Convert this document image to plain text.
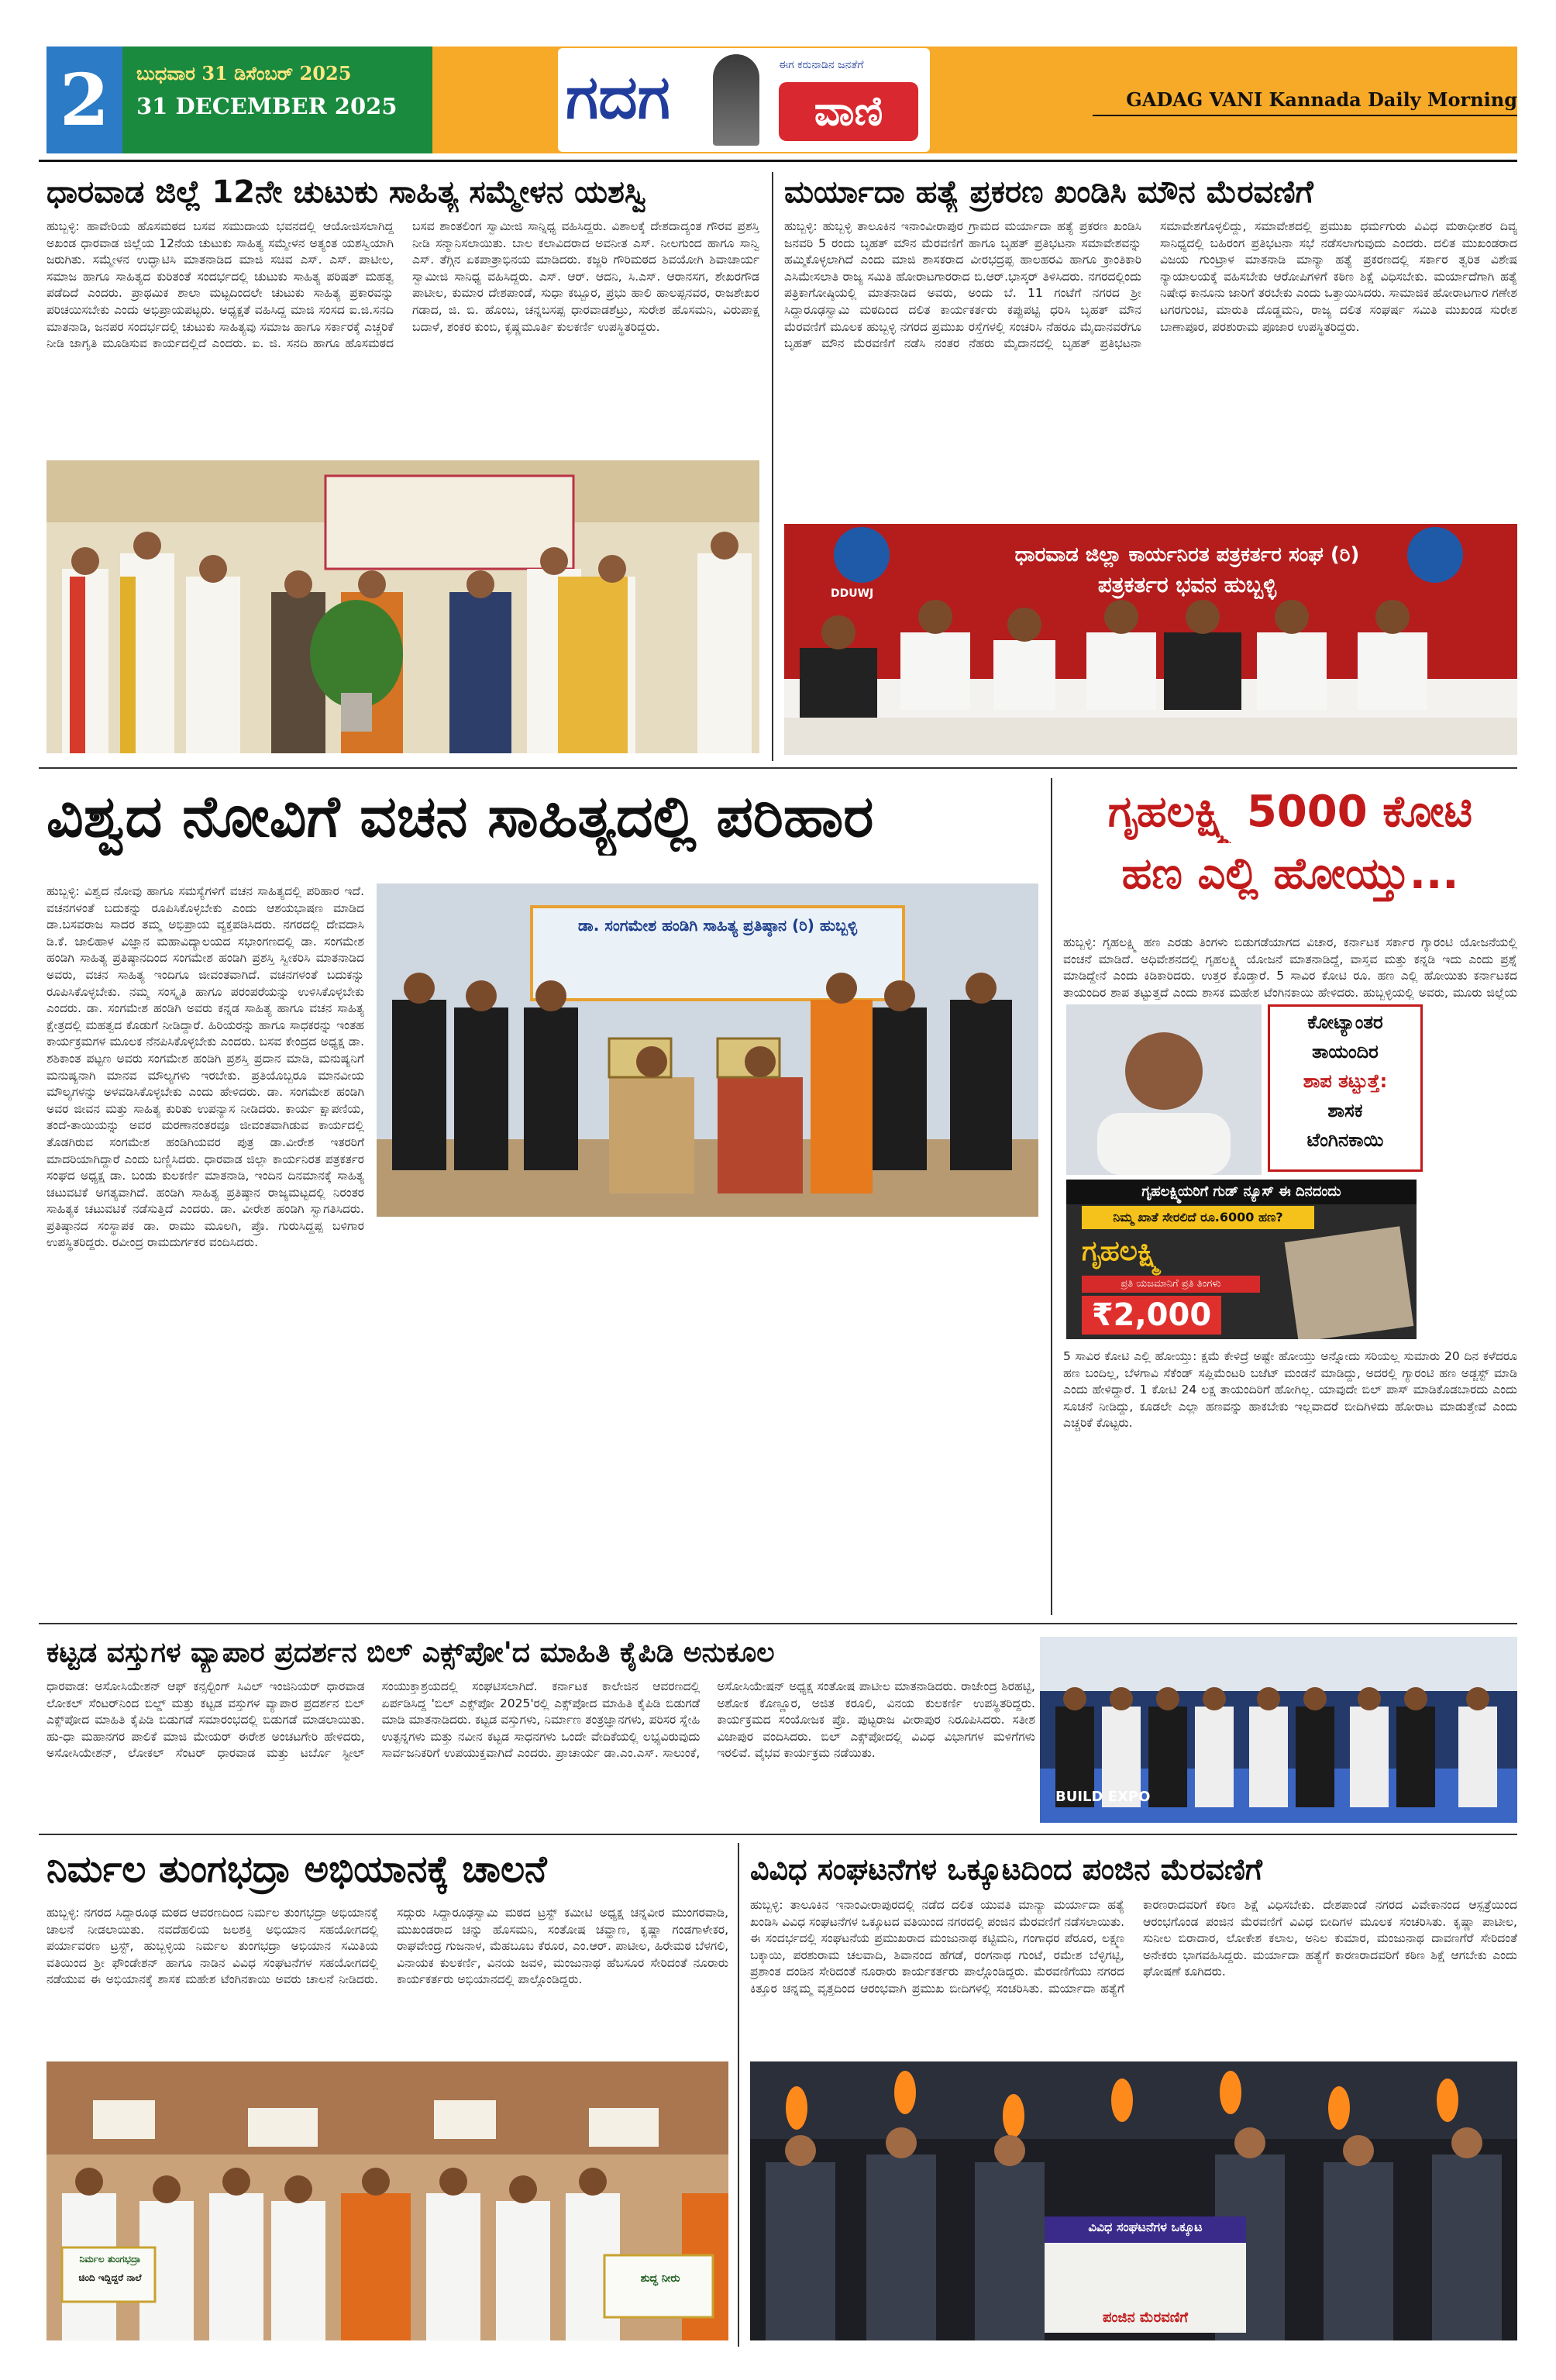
2	ಬುಧವಾರ 31 ಡಿಸೆಂಬರ್ 2025
31 DECEMBER 2025	ಗದಗ	ಈಗ ಕರುನಾಡಿನ ಜನತೆಗೆ
ವಾಣಿ	GADAG VANI Kannada Daily Morning
ಧಾರವಾಡ ಜಿಲ್ಲೆ 12ನೇ ಚುಟುಕು ಸಾಹಿತ್ಯ ಸಮ್ಮೇಳನ ಯಶಸ್ವಿ
ಹುಬ್ಬಳ್ಳಿ: ಹಾವೇರಿಯ ಹೊಸಮಠದ ಬಸವ ಸಮುದಾಯ ಭವನದಲ್ಲಿ ಆಯೋಜಿಸಲಾಗಿದ್ದ ಅಖಂಡ ಧಾರವಾಡ ಜಿಲ್ಲೆಯ 12ನೆಯ ಚುಟುಕು ಸಾಹಿತ್ಯ ಸಮ್ಮೇಳನ ಅತ್ಯಂತ ಯಶಸ್ವಿಯಾಗಿ ಜರುಗಿತು. ಸಮ್ಮೇಳನ ಉದ್ಘಾಟಿಸಿ ಮಾತನಾಡಿದ ಮಾಜಿ ಸಚಿವ ಎಸ್. ಎಸ್. ಪಾಟೀಲ, ಸಮಾಜ ಹಾಗೂ ಸಾಹಿತ್ಯದ ಕುರಿತಂತೆ ಸಂದರ್ಭದಲ್ಲಿ ಚುಟುಕು ಸಾಹಿತ್ಯ ಪರಿಷತ್ ಮಹತ್ವ ಪಡೆದಿದೆ ಎಂದರು. ಪ್ರಾಥಮಿಕ ಶಾಲಾ ಮಟ್ಟದಿಂದಲೇ ಚುಟುಕು ಸಾಹಿತ್ಯ ಪ್ರಕಾರವನ್ನು ಪರಿಚಯಿಸಬೇಕು ಎಂದು ಅಭಿಪ್ರಾಯಪಟ್ಟರು. ಅಧ್ಯಕ್ಷತೆ ವಹಿಸಿದ್ದ ಮಾಜಿ ಸಂಸದ ಐ.ಜಿ.ಸನದಿ ಮಾತನಾಡಿ, ಜನಪರ ಸಂದರ್ಭದಲ್ಲಿ ಚುಟುಕು ಸಾಹಿತ್ಯವು ಸಮಾಜ ಹಾಗೂ ಸರ್ಕಾರಕ್ಕೆ ಎಚ್ಚರಿಕೆ ನೀಡಿ ಜಾಗೃತಿ ಮೂಡಿಸುವ ಕಾರ್ಯದಲ್ಲಿದೆ ಎಂದರು. ಐ. ಜಿ. ಸನದಿ ಹಾಗೂ ಹೊಸಮಠದ ಬಸವ ಶಾಂತಲಿಂಗ ಸ್ವಾಮೀಜಿ ಸಾನ್ನಿಧ್ಯ ವಹಿಸಿದ್ದರು. ವಿಶಾಲಕ್ಕೆ ದೇಶದಾದ್ಯಂತ ಗೌರವ ಪ್ರಶಸ್ತಿ ನೀಡಿ ಸನ್ಮಾನಿಸಲಾಯಿತು. ಬಾಲ ಕಲಾವಿದರಾದ ಅವನೀತ ಎಸ್. ನೀಲಗುಂದ ಹಾಗೂ ಸಾನ್ವಿ ಎಸ್. ತೆಗ್ಗಿನ ಏಕಪಾತ್ರಾಭಿನಯ ಮಾಡಿದರು. ಕಜ್ಜರಿ ಗೌರಿಮಠದ ಶಿವಯೋಗಿ ಶಿವಾಚಾರ್ಯ ಸ್ವಾಮೀಜಿ ಸಾನಿಧ್ಯ ವಹಿಸಿದ್ದರು. ಎಸ್. ಆರ್. ಆದನಿ, ಸಿ.ಎಸ್. ಆರಾನಸಗ, ಶೇಖರಗೌಡ ಪಾಟೀಲ, ಕುಮಾರ ದೇಶಪಾಂಡೆ, ಸುಧಾ ಕಬ್ಬೂರ, ಪ್ರಭು ಹಾಲಿ ಹಾಲಪ್ಪನವರ, ರಾಜಶೇಖರ ಗಡಾದ, ಜಿ. ಬಿ. ಹೊಂಬ, ಚನ್ನಬಸಪ್ಪ ಧಾರವಾಡಶೆಟ್ರು, ಸುರೇಶ ಹೊಸಮನಿ, ವಿರುಪಾಕ್ಷ ಬದಾಳೆ, ಶಂಕರ ಕುಂಬಿ, ಕೃಷ್ಣಮೂರ್ತಿ ಕುಲಕರ್ಣಿ ಉಪಸ್ಥಿತರಿದ್ದರು.
ಮರ್ಯಾದಾ ಹತ್ಯೆ ಪ್ರಕರಣ ಖಂಡಿಸಿ ಮೌನ ಮೆರವಣಿಗೆ
ಹುಬ್ಬಳ್ಳಿ: ಹುಬ್ಬಳ್ಳಿ ತಾಲೂಕಿನ ಇನಾಂವೀರಾಪುರ ಗ್ರಾಮದ ಮರ್ಯಾದಾ ಹತ್ಯೆ ಪ್ರಕರಣ ಖಂಡಿಸಿ ಜನವರಿ 5 ರಂದು ಬೃಹತ್ ಮೌನ ಮೆರವಣಿಗೆ ಹಾಗೂ ಬೃಹತ್ ಪ್ರತಿಭಟನಾ ಸಮಾವೇಶವನ್ನು ಹಮ್ಮಿಕೊಳ್ಳಲಾಗಿದೆ ಎಂದು ಮಾಜಿ ಶಾಸಕರಾದ ವೀರಭದ್ರಪ್ಪ ಹಾಲಹರವಿ ಹಾಗೂ ಕ್ರಾಂತಿಕಾರಿ ಎಸಿಮೇಸಲಾತಿ ರಾಜ್ಯ ಸಮಿತಿ ಹೋರಾಟಗಾರರಾದ ಬಿ.ಆರ್.ಭಾಸ್ಕರ್ ತಿಳಿಸಿದರು. ನಗರದಲ್ಲಿಂದು ಪತ್ರಿಕಾಗೋಷ್ಠಿಯಲ್ಲಿ ಮಾತನಾಡಿದ ಅವರು, ಅಂದು ಬೆ. 11 ಗಂಟೆಗೆ ನಗರದ ಶ್ರೀ ಸಿದ್ದಾರೂಢಸ್ವಾಮಿ ಮಠದಿಂದ ದಲಿತ ಕಾರ್ಯಕರ್ತರು ಕಪ್ಪುಪಟ್ಟಿ ಧರಿಸಿ ಬೃಹತ್ ಮೌನ ಮೆರವಣಿಗೆ ಮೂಲಕ ಹುಬ್ಬಳ್ಳಿ ನಗರದ ಪ್ರಮುಖ ರಸ್ತೆಗಳಲ್ಲಿ ಸಂಚರಿಸಿ ನೆಹರೂ ಮೈದಾನವರೆಗೂ ಬೃಹತ್ ಮೌನ ಮೆರವಣಿಗೆ ನಡೆಸಿ ನಂತರ ನೆಹರು ಮೈದಾನದಲ್ಲಿ ಬೃಹತ್ ಪ್ರತಿಭಟನಾ ಸಮಾವೇಶಗೊಳ್ಳಲಿದ್ದು, ಸಮಾವೇಶದಲ್ಲಿ ಪ್ರಮುಖ ಧರ್ಮಗುರು ವಿವಿಧ ಮಠಾಧೀಶರ ದಿವ್ಯ ಸಾನಿಧ್ಯದಲ್ಲಿ ಬಹಿರಂಗ ಪ್ರತಿಭಟನಾ ಸಭೆ ನಡೆಸಲಾಗುವುದು ಎಂದರು. ದಲಿತ ಮುಖಂಡರಾದ ವಿಜಯ ಗುಂಟ್ರಾಳ ಮಾತನಾಡಿ ಮಾನ್ಯಾ ಹತ್ಯೆ ಪ್ರಕರಣದಲ್ಲಿ ಸರ್ಕಾರ ತ್ವರಿತ ವಿಶೇಷ ನ್ಯಾಯಾಲಯಕ್ಕೆ ವಹಿಸಬೇಕು ಆರೋಪಿಗಳಿಗೆ ಕಠಿಣ ಶಿಕ್ಷೆ ವಿಧಿಸಬೇಕು. ಮರ್ಯಾದೆಗಾಗಿ ಹತ್ಯೆ ನಿಷೇಧ ಕಾನೂನು ಜಾರಿಗೆ ತರಬೇಕು ಎಂದು ಒತ್ತಾಯಿಸಿದರು. ಸಾಮಾಜಿಕ ಹೋರಾಟಗಾರ ಗಣೇಶ ಟಗರಗುಂಟಿ, ಮಾರುತಿ ದೊಡ್ಡಮನಿ, ರಾಜ್ಯ ದಲಿತ ಸಂಘರ್ಷ ಸಮಿತಿ ಮುಖಂಡ ಸುರೇಶ ಬಾಣಾಪೂರ, ಪರಶುರಾಮ ಪೂಜಾರ ಉಪಸ್ಥಿತರಿದ್ದರು.
ಧಾರವಾಡ ಜಿಲ್ಲಾ ಕಾರ್ಯನಿರತ ಪತ್ರಕರ್ತರ ಸಂಘ (ರಿ)
DDUWJ	ಪತ್ರಕರ್ತರ ಭವನ ಹುಬ್ಬಳ್ಳಿ
ವಿಶ್ವದ ನೋವಿಗೆ ವಚನ ಸಾಹಿತ್ಯದಲ್ಲಿ ಪರಿಹಾರ
ಹುಬ್ಬಳ್ಳಿ: ವಿಶ್ವದ ನೋವು ಹಾಗೂ ಸಮಸ್ಯೆಗಳಿಗೆ ವಚನ ಸಾಹಿತ್ಯದಲ್ಲಿ ಪರಿಹಾರ ಇದೆ. ವಚನಗಳಂತೆ ಬದುಕನ್ನು ರೂಪಿಸಿಕೊಳ್ಳಬೇಕು ಎಂದು ಆಶಯಭಾಷಣ ಮಾಡಿದ ಡಾ.ಬಸವರಾಜ ಸಾದರ ತಮ್ಮ ಅಭಿಪ್ರಾಯ ವ್ಯಕ್ತಪಡಿಸಿದರು. ನಗರದಲ್ಲಿ ದೇವದಾಸಿ ಡಿ.ಕೆ. ಜಾಲಿಹಾಳ ವಿಜ್ಞಾನ ಮಹಾವಿದ್ಯಾಲಯದ ಸಭಾಂಗಣದಲ್ಲಿ ಡಾ. ಸಂಗಮೇಶ ಹಂಡಿಗಿ ಸಾಹಿತ್ಯ ಪ್ರತಿಷ್ಠಾನದಿಂದ ಸಂಗಮೇಶ ಹಂಡಿಗಿ ಪ್ರಶಸ್ತಿ ಸ್ವೀಕರಿಸಿ ಮಾತನಾಡಿದ ಅವರು, ವಚನ ಸಾಹಿತ್ಯ ಇಂದಿಗೂ ಜೀವಂತವಾಗಿದೆ. ವಚನಗಳಂತೆ ಬದುಕನ್ನು ರೂಪಿಸಿಕೊಳ್ಳಬೇಕು. ನಮ್ಮ ಸಂಸ್ಕೃತಿ ಹಾಗೂ ಪರಂಪರೆಯನ್ನು ಉಳಿಸಿಕೊಳ್ಳಬೇಕು ಎಂದರು. ಡಾ. ಸಂಗಮೇಶ ಹಂಡಿಗಿ ಅವರು ಕನ್ನಡ ಸಾಹಿತ್ಯ ಹಾಗೂ ವಚನ ಸಾಹಿತ್ಯ ಕ್ಷೇತ್ರದಲ್ಲಿ ಮಹತ್ವದ ಕೊಡುಗೆ ನೀಡಿದ್ದಾರೆ. ಹಿರಿಯರನ್ನು ಹಾಗೂ ಸಾಧಕರನ್ನು ಇಂತಹ ಕಾರ್ಯಕ್ರಮಗಳ ಮೂಲಕ ನೆನಪಿಸಿಕೊಳ್ಳಬೇಕು ಎಂದರು. ಬಸವ ಕೇಂದ್ರದ ಅಧ್ಯಕ್ಷ ಡಾ. ಶಶಿಕಾಂತ ಪಟ್ಟಣ ಅವರು ಸಂಗಮೇಶ ಹಂಡಿಗಿ ಪ್ರಶಸ್ತಿ ಪ್ರದಾನ ಮಾಡಿ, ಮನುಷ್ಯನಿಗೆ ಮನುಷ್ಯನಾಗಿ ಮಾನವ ಮೌಲ್ಯಗಳು ಇರಬೇಕು. ಪ್ರತಿಯೊಬ್ಬರೂ ಮಾನವೀಯ ಮೌಲ್ಯಗಳನ್ನು ಅಳವಡಿಸಿಕೊಳ್ಳಬೇಕು ಎಂದು ಹೇಳಿದರು. ಡಾ. ಸಂಗಮೇಶ ಹಂಡಿಗಿ ಅವರ ಜೀವನ ಮತ್ತು ಸಾಹಿತ್ಯ ಕುರಿತು ಉಪನ್ಯಾಸ ನೀಡಿದರು. ಕಾರ್ಯ ಕ್ಷಾಪಣಿಯ, ತಂದೆ-ತಾಯಿಯನ್ನು ಅವರ ಮರಣಾನಂತರವೂ ಜೀವಂತವಾಗಿಡುವ ಕಾರ್ಯದಲ್ಲಿ ತೊಡಗಿರುವ ಸಂಗಮೇಶ ಹಂಡಿಗಿಯವರ ಪುತ್ರ ಡಾ.ವೀರೇಶ ಇತರರಿಗೆ ಮಾದರಿಯಾಗಿದ್ದಾರೆ ಎಂದು ಬಣ್ಣಿಸಿದರು. ಧಾರವಾಡ ಜಿಲ್ಲಾ ಕಾರ್ಯನಿರತ ಪತ್ರಕರ್ತರ ಸಂಘದ ಅಧ್ಯಕ್ಷ ಡಾ. ಬಂಡು ಕುಲಕರ್ಣಿ ಮಾತನಾಡಿ, ಇಂದಿನ ದಿನಮಾನಕ್ಕೆ ಸಾಹಿತ್ಯ ಚಟುವಟಿಕೆ ಅಗತ್ಯವಾಗಿದೆ. ಹಂಡಿಗಿ ಸಾಹಿತ್ಯ ಪ್ರತಿಷ್ಠಾನ ರಾಜ್ಯಮಟ್ಟದಲ್ಲಿ ನಿರಂತರ ಸಾಹಿತ್ಯಕ ಚಟುವಟಿಕೆ ನಡೆಸುತ್ತಿದೆ ಎಂದರು. ಡಾ. ವೀರೇಶ ಹಂಡಿಗಿ ಸ್ವಾಗತಿಸಿದರು. ಪ್ರತಿಷ್ಠಾನದ ಸಂಸ್ಥಾಪಕ ಡಾ. ರಾಮು ಮೂಲಗಿ, ಪ್ರೊ. ಗುರುಸಿದ್ದಪ್ಪ ಬಳಿಗಾರ ಉಪಸ್ಥಿತರಿದ್ದರು. ರವೀಂದ್ರ ರಾಮದುರ್ಗಕರ ವಂದಿಸಿದರು.
ಡಾ. ಸಂಗಮೇಶ ಹಂಡಿಗಿ ಸಾಹಿತ್ಯ ಪ್ರತಿಷ್ಠಾನ (ರಿ) ಹುಬ್ಬಳ್ಳಿ
ಗೃಹಲಕ್ಷ್ಮಿ 5000 ಕೋಟಿ
ಹಣ ಎಲ್ಲಿ ಹೋಯ್ತು...
ಹುಬ್ಬಳ್ಳಿ: ಗೃಹಲಕ್ಷ್ಮಿ ಹಣ ಎರಡು ತಿಂಗಳು ಬಿಡುಗಡೆಯಾಗದ ವಿಚಾರ, ಕರ್ನಾಟಕ ಸರ್ಕಾರ ಗ್ಯಾರಂಟಿ ಯೋಜನೆಯಲ್ಲಿ ವಂಚನೆ ಮಾಡಿದೆ. ಅಧಿವೇಶನದಲ್ಲಿ ಗೃಹಲಕ್ಷ್ಮಿ ಯೋಜನೆ ಮಾತನಾಡಿದ್ದೆ, ವಾಸ್ತವ ಮತ್ತು ಕನ್ನಡಿ ಇದು ಎಂದು ಪ್ರಶ್ನೆ ಮಾಡಿದ್ದೇನೆ ಎಂದು ಕಿಡಿಕಾರಿದರು. ಉತ್ತರ ಕೊಡ್ತಾರೆ. 5 ಸಾವಿರ ಕೋಟಿ ರೂ. ಹಣ ಎಲ್ಲಿ ಹೋಯಿತು ಕರ್ನಾಟಕದ ತಾಯಂದಿರ ಶಾಪ ತಟ್ಟುತ್ತದೆ ಎಂದು ಶಾಸಕ ಮಹೇಶ ಟೆಂಗಿನಕಾಯಿ ಹೇಳಿದರು. ಹುಬ್ಬಳ್ಳಿಯಲ್ಲಿ ಅವರು, ಮೂರು ಜಿಲ್ಲೆಯ
ಕೋಟ್ಯಾಂತರ
ತಾಯಂದಿರ
ಶಾಪ ತಟ್ಟುತ್ತೆ:
ಶಾಸಕ
ಟೆಂಗಿನಕಾಯಿ
ಗೃಹಲಕ್ಷ್ಮಿಯರಿಗೆ ಗುಡ್ ನ್ಯೂಸ್ ಈ ದಿನದಂದು
ನಿಮ್ಮ ಖಾತೆ ಸೇರಲಿದೆ ರೂ.6000 ಹಣ?
ಗೃಹಲಕ್ಷ್ಮಿ
ಪ್ರತಿ ಯಜಮಾನಿಗೆ ಪ್ರತಿ ತಿಂಗಳು
₹2,000
5 ಸಾವಿರ ಕೋಟಿ ಎಲ್ಲಿ ಹೋಯ್ತು: ಕ್ಷಮೆ ಕೇಳಿದ್ರೆ ಅಷ್ಟೇ ಹೋಯ್ತು ಅನ್ನೋದು ಸರಿಯಲ್ಲ ಸುಮಾರು 20 ದಿನ ಕಳೆದರೂ ಹಣ ಬಂದಿಲ್ಲ, ಬೆಳಗಾವಿ ಸೆಕೆಂಡ್ ಸಪ್ಲಿಮೆಂಟರಿ ಬಜೆಟ್ ಮಂಡನೆ ಮಾಡಿದ್ದು, ಅದರಲ್ಲಿ ಗ್ಯಾರಂಟಿ ಹಣ ಅಡ್ಜಸ್ಟ್ ಮಾಡಿ ಎಂದು ಹೇಳಿದ್ದಾರೆ. 1 ಕೋಟಿ 24 ಲಕ್ಷ ತಾಯಂದಿರಿಗೆ ಹೋಗಿಲ್ಲ. ಯಾವುದೇ ಬಿಲ್ ಪಾಸ್ ಮಾಡಿಕೊಡಬಾರದು ಎಂದು ಸೂಚನೆ ನೀಡಿದ್ದು, ಕೂಡಲೇ ಎಲ್ಲಾ ಹಣವನ್ನು ಹಾಕಬೇಕು ಇಲ್ಲವಾದರೆ ಬೀದಿಗಿಳಿದು ಹೋರಾಟ ಮಾಡುತ್ತೇವೆ ಎಂದು ಎಚ್ಚರಿಕೆ ಕೊಟ್ಟರು.
ಕಟ್ಟಡ ವಸ್ತುಗಳ ವ್ಯಾಪಾರ ಪ್ರದರ್ಶನ ಬಿಲ್ ಎಕ್ಸ್‌ಪೋ'ದ ಮಾಹಿತಿ ಕೈಪಿಡಿ ಅನುಕೂಲ
ಧಾರವಾಡ: ಅಸೋಸಿಯೇಶನ್ ಆಫ್ ಕನ್ಸಲ್ಟಿಂಗ್ ಸಿವಿಲ್ ಇಂಜಿನಿಯರ್ ಧಾರವಾಡ ಲೋಕಲ್ ಸೆಂಟರ್‌ನಿಂದ ಬಿಲ್ಡ್ ಮತ್ತು ಕಟ್ಟಡ ವಸ್ತುಗಳ ವ್ಯಾಪಾರ ಪ್ರದರ್ಶನ ಬಿಲ್ ಎಕ್ಸ್‌ಪೋದ ಮಾಹಿತಿ ಕೈಪಿಡಿ ಬಿಡುಗಡೆ ಸಮಾರಂಭದಲ್ಲಿ ಬಿಡುಗಡೆ ಮಾಡಲಾಯಿತು. ಹು-ಧಾ ಮಹಾನಗರ ಪಾಲಿಕೆ ಮಾಜಿ ಮೇಯರ್ ಈರೇಶ ಅಂಚಟಗೇರಿ ಹೇಳಿದರು, ಅಸೋಸಿಯೇಶನ್, ಲೋಕಲ್ ಸೆಂಟರ್ ಧಾರವಾಡ ಮತ್ತು ಟರ್ಬೊ ಸ್ಟೀಲ್ ಸಂಯುಕ್ತಾಶ್ರಯದಲ್ಲಿ ಸಂಘಟಿಸಲಾಗಿದೆ. ಕರ್ನಾಟಕ ಕಾಲೇಜಿನ ಆವರಣದಲ್ಲಿ ಏರ್ಪಡಿಸಿದ್ದ 'ಬಿಲ್ ಎಕ್ಸ್‌ಪೋ 2025'ರಲ್ಲಿ ಎಕ್ಸ್‌ಪೋದ ಮಾಹಿತಿ ಕೈಪಿಡಿ ಬಿಡುಗಡೆ ಮಾಡಿ ಮಾತನಾಡಿದರು. ಕಟ್ಟಡ ವಸ್ತುಗಳು, ನಿರ್ಮಾಣ ತಂತ್ರಜ್ಞಾನಗಳು, ಪರಿಸರ ಸ್ನೇಹಿ ಉತ್ಪನ್ನಗಳು ಮತ್ತು ನವೀನ ಕಟ್ಟಡ ಸಾಧನಗಳು ಒಂದೇ ವೇದಿಕೆಯಲ್ಲಿ ಲಭ್ಯವಿರುವುದು ಸಾರ್ವಜನಿಕರಿಗೆ ಉಪಯುಕ್ತವಾಗಿದೆ ಎಂದರು. ಪ್ರಾಚಾರ್ಯ ಡಾ.ಎಂ.ಎಸ್. ಸಾಲುಂಕೆ, ಅಸೋಸಿಯೇಷನ್ ಅಧ್ಯಕ್ಷ ಸಂತೋಷ ಪಾಟೀಲ ಮಾತನಾಡಿದರು. ರಾಜೇಂದ್ರ ಶಿರಹಟ್ಟಿ, ಅಶೋಕ ಕೊಣ್ಣೂರ, ಅಜಿತ ಕರೂಲಿ, ವಿನಯ ಕುಲಕರ್ಣಿ ಉಪಸ್ಥಿತರಿದ್ದರು. ಕಾರ್ಯಕ್ರಮದ ಸಂಯೋಜಕ ಪ್ರೊ. ಪುಟ್ಟರಾಜ ವೀರಾಪುರ ನಿರೂಪಿಸಿದರು. ಸತೀಶ ವಿಜಾಪುರ ವಂದಿಸಿದರು. ಬಿಲ್ ಎಕ್ಸ್‌ಪೋದಲ್ಲಿ ವಿವಿಧ ವಿಭಾಗಗಳ ಮಳಿಗೆಗಳು ಇರಲಿವೆ. ವೈಭವ ಕಾರ್ಯಕ್ರಮ ನಡೆಯಿತು.
BUILD EXPO
ನಿರ್ಮಲ ತುಂಗಭದ್ರಾ ಅಭಿಯಾನಕ್ಕೆ ಚಾಲನೆ
ಹುಬ್ಬಳ್ಳಿ: ನಗರದ ಸಿದ್ದಾರೂಢ ಮಠದ ಆವರಣದಿಂದ ನಿರ್ಮಲ ತುಂಗಭದ್ರಾ ಅಭಿಯಾನಕ್ಕೆ ಚಾಲನೆ ನೀಡಲಾಯಿತು. ನವದೆಹಲಿಯ ಜಲಶಕ್ತಿ ಅಭಿಯಾನ ಸಹಯೋಗದಲ್ಲಿ ಪರ್ಯಾವರಣ ಟ್ರಸ್ಟ್, ಹುಬ್ಬಳ್ಳಿಯ ನಿರ್ಮಲ ತುಂಗಭದ್ರಾ ಅಭಿಯಾನ ಸಮಿತಿಯ ವತಿಯಿಂದ ಶ್ರೀ ಫೌಂಡೇಶನ್ ಹಾಗೂ ನಾಡಿನ ವಿವಿಧ ಸಂಘಟನೆಗಳ ಸಹಯೋಗದಲ್ಲಿ ನಡೆಯುವ ಈ ಅಭಿಯಾನಕ್ಕೆ ಶಾಸಕ ಮಹೇಶ ಟೆಂಗಿನಕಾಯಿ ಅವರು ಚಾಲನೆ ನೀಡಿದರು. ಸದ್ಗುರು ಸಿದ್ದಾರೂಢಸ್ವಾಮಿ ಮಠದ ಟ್ರಸ್ಟ್ ಕಮೀಟಿ ಅಧ್ಯಕ್ಷ ಚನ್ನವೀರ ಮುಂಗರವಾಡಿ, ಮುಖಂಡರಾದ ಚನ್ನು ಹೊಸಮನಿ, ಸಂತೋಷ ಚವ್ಹಾಣ, ಕೃಷ್ಣಾ ಗಂಡಗಾಳೇಕರ, ರಾಘವೇಂದ್ರ ಗುಜನಾಳ, ಮೆಹಬೂಬ ಕೆರೂರ, ಎಂ.ಆರ್. ಪಾಟೀಲ, ಹಿರೇಮಠ ಬೆಳಗಲಿ, ವಿನಾಯಕ ಕುಲಕರ್ಣಿ, ವಿನಯ ಜವಳಿ, ಮಂಜುನಾಥ ಹೆಬಸೂರ ಸೇರಿದಂತೆ ನೂರಾರು ಕಾರ್ಯಕರ್ತರು ಅಭಿಯಾನದಲ್ಲಿ ಪಾಲ್ಗೊಂಡಿದ್ದರು.
ನಿರ್ಮಲ ತುಂಗಭದ್ರಾ
ಚಿಂದಿ ಇದ್ದಿದ್ದರೆ ನಾಲೆ	ಶುದ್ಧ ನೀರು
ವಿವಿಧ ಸಂಘಟನೆಗಳ ಒಕ್ಕೂಟದಿಂದ ಪಂಜಿನ ಮೆರವಣಿಗೆ
ಹುಬ್ಬಳ್ಳಿ: ತಾಲೂಕಿನ ಇನಾಂವೀರಾಪುರದಲ್ಲಿ ನಡೆದ ದಲಿತ ಯುವತಿ ಮಾನ್ಯಾ ಮರ್ಯಾದಾ ಹತ್ಯೆ ಖಂಡಿಸಿ ವಿವಿಧ ಸಂಘಟನೆಗಳ ಒಕ್ಕೂಟದ ವತಿಯಿಂದ ನಗರದಲ್ಲಿ ಪಂಜಿನ ಮೆರವಣಿಗೆ ನಡೆಸಲಾಯಿತು. ಈ ಸಂದರ್ಭದಲ್ಲಿ ಸಂಘಟನೆಯ ಪ್ರಮುಖರಾದ ಮಂಜುನಾಥ ಕಟ್ಟಿಮನಿ, ಗಂಗಾಧರ ಪೆರೂರ, ಲಕ್ಷ್ಮಣ ಬಕ್ಕಾಯಿ, ಪರಶುರಾಮ ಚಲವಾದಿ, ಶಿವಾನಂದ ಹೆಗಡೆ, ರಂಗನಾಥ ಗುಂಟೆ, ರಮೇಶ ಬೆಳ್ಳಿಗಟ್ಟಿ, ಪ್ರಶಾಂತ ದಂಡಿನ ಸೇರಿದಂತೆ ನೂರಾರು ಕಾರ್ಯಕರ್ತರು ಪಾಲ್ಗೊಂಡಿದ್ದರು. ಮೆರವಣಿಗೆಯು ನಗರದ ಕಿತ್ತೂರ ಚನ್ನಮ್ಮ ವೃತ್ತದಿಂದ ಆರಂಭವಾಗಿ ಪ್ರಮುಖ ಬೀದಿಗಳಲ್ಲಿ ಸಂಚರಿಸಿತು. ಮರ್ಯಾದಾ ಹತ್ಯೆಗೆ ಕಾರಣರಾದವರಿಗೆ ಕಠಿಣ ಶಿಕ್ಷೆ ವಿಧಿಸಬೇಕು. ದೇಶಪಾಂಡೆ ನಗರದ ವಿವೇಕಾನಂದ ಆಸ್ಪತ್ರೆಯಿಂದ ಆರಂಭಗೊಂಡ ಪಂಜಿನ ಮೆರವಣಿಗೆ ವಿವಿಧ ಬೀದಿಗಳ ಮೂಲಕ ಸಂಚರಿಸಿತು. ಕೃಷ್ಣಾ ಪಾಟೀಲ, ಸುನೀಲ ಬಿರಾದಾರ, ಲೋಕೇಶ ಕಲಾಲ, ಅನಿಲ ಕುಮಾರ, ಮಂಜುನಾಥ ದಾವಣಗೆರೆ ಸೇರಿದಂತೆ ಅನೇಕರು ಭಾಗವಹಿಸಿದ್ದರು. ಮರ್ಯಾದಾ ಹತ್ಯೆಗೆ ಕಾರಣರಾದವರಿಗೆ ಕಠಿಣ ಶಿಕ್ಷೆ ಆಗಬೇಕು ಎಂದು ಘೋಷಣೆ ಕೂಗಿದರು.
ವಿವಿಧ ಸಂಘಟನೆಗಳ ಒಕ್ಕೂಟ
ಪಂಜಿನ ಮೆರವಣಿಗೆ
